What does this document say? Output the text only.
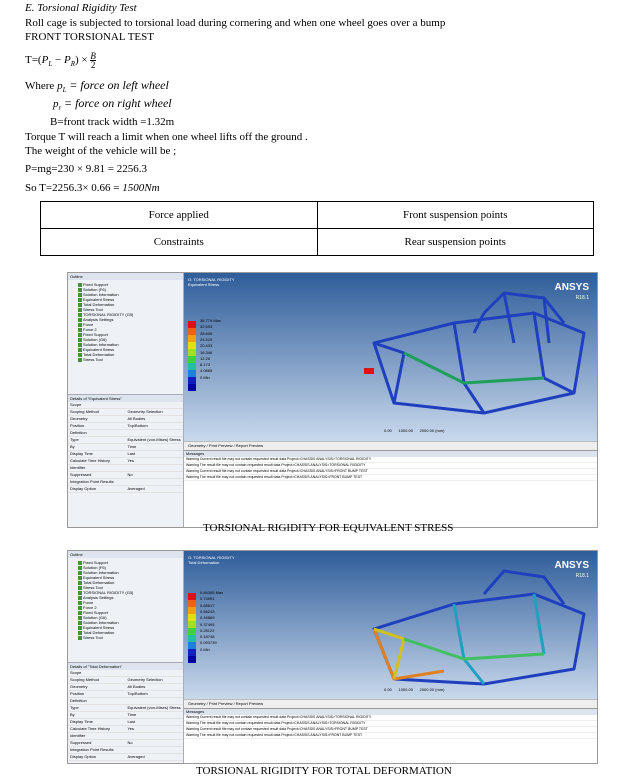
E. Torsional Rigidity Test
Roll cage is subjected to torsional load during cornering and when one wheel goes over a bump
FRONT TORSIONAL TEST
$T=(P_L - P_R) \times \frac{B}{2}$
Where $p_L$ = force on left wheel
$p_r$ = force on right wheel
B=front track width =1.32m
Torque T will reach a limit when one wheel lifts off the ground .
The weight of the vehicle will be ;
P=mg=230 × 9.81 = 2256.3
So T=2256.3× 0.66 = 1500Nm
Force applied	Front suspension points
Constraints	Rear suspension points
Outline
Fixed Support
Solution (F6)
Solution Information
Equivalent Stress
Total Deformation
Stress Tool
TORSIONAL RIGIDITY (G5)
Analysis Settings
Force
Force 2
Fixed Support
Solution (G6)
Solution Information
Equivalent Stress
Total Deformation
Stress Tool
Details of "Equivalent Stress"
Scope
Scoping Method	Geometry Selection
Geometry	All Bodies
Position	Top/Bottom
Definition
Type	Equivalent (von-Mises) Stress
By	Time
Display Time	Last
Calculate Time History	Yes
Identifier
Suppressed	No
Integration Point Results
Display Option	Averaged
G: TORSIONAL RIGIDITY
Equivalent Stress	ANSYS
R18.1
36.779 Max
32.693
28.606
24.519
20.433
16.346
12.26
8.173
4.0865
0 Min
0.00 1000.00 2000.00 (mm)
Geometry / Print Preview / Report Preview
Messages
Warning Current result file may not contain requested result data Project>CHASSIS ANALYSIS>TORSIONAL RIGIDITY
Warning The result file may not contain requested result data Project>CHASSIS ANALYSIS>TORSIONAL RIGIDITY
Warning Current result file may not contain requested result data Project>CHASSIS ANALYSIS>FRONT BUMP TEST
Warning The result file may not contain requested result data Project>CHASSIS ANALYSIS>FRONT BUMP TEST
TORSIONAL RIGIDITY FOR EQUIVALENT STRESS
Outline
Fixed Support
Solution (F6)
Solution Information
Equivalent Stress
Total Deformation
Stress Tool
TORSIONAL RIGIDITY (G5)
Analysis Settings
Force
Force 2
Fixed Support
Solution (G6)
Solution Information
Equivalent Stress
Total Deformation
Stress Tool
Details of "Total Deformation"
Scope
Scoping Method	Geometry Selection
Geometry	All Bodies
Position	Top/Bottom
Definition
Type	Equivalent (von-Mises) Stress
By	Time
Display Time	Last
Calculate Time History	Yes
Identifier
Suppressed	No
Integration Point Results
Display Option	Averaged
G: TORSIONAL RIGIDITY
Total Deformation	ANSYS
R18.1
0.84365 Max
0.74991
0.65617
0.56243
0.46869
0.37495
0.28122
0.18748
0.093739
0 Min
0.00 1000.00 2000.00 (mm)
Geometry / Print Preview / Report Preview
Messages
Warning Current result file may not contain requested result data Project>CHASSIS ANALYSIS>TORSIONAL RIGIDITY
Warning The result file may not contain requested result data Project>CHASSIS ANALYSIS>TORSIONAL RIGIDITY
Warning Current result file may not contain requested result data Project>CHASSIS ANALYSIS>FRONT BUMP TEST
Warning The result file may not contain requested result data Project>CHASSIS ANALYSIS>FRONT BUMP TEST
TORSIONAL RIGIDITY FOR TOTAL DEFORMATION
